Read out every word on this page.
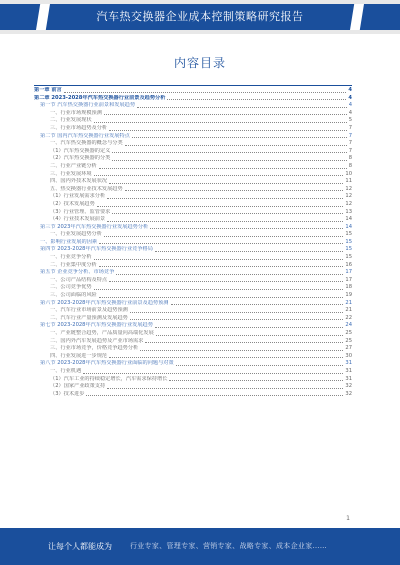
汽车热交换器企业成本控制策略研究报告
内容目录
第一章 前言	4
第二章 2023-2028年汽车热交换器行业前景及趋势分析	4
第一节 汽车热交换器行业前景和发展趋势	4
一、行业市场规模预测	4
二、行业发展现状	5
三、行业市场趋势及分析	7
第二节 国内汽车热交换器行业发展特点	7
一、汽车热交换器的概念与分类	7
（1）汽车热交换器的定义	7
（2）汽车热交换器的分类	8
二、行业产业链分析	8
三、行业发展环境	10
四、国内外技术发展状况	11
五、热交换器行业技术发展趋势	12
（1）行业发展需求分析	12
（2）技术发展趋势	12
（3）行业管理、监管要求	13
（4）行业技术发展前景	14
第三节 2023年汽车热交换器行业发展趋势分析	14
一、行业发展趋势分析	15
一、影响行业发展的因素	15
第四节 2023-2028年汽车热交换器行业竞争格局	15
一、行业竞争分析	15
二、行业集中度分析	16
第五节 企业竞争分析、市场竞争	17
一、公司产品结构及特点	17
二、公司竞争优势	18
三、公司面临的风险	19
第六节 2023-2028年汽车热交换器行业前景及趋势预测	21
一、汽车行业市场前景及趋势预测	21
二、汽车行业产量预测及发展趋势	22
第七节 2023-2028年汽车热交换器行业发展趋势	24
一、产业链整合趋势，产品质量向高端化发展	25
二、国内外汽车发展趋势及产业市场需求	25
三、行业市场竞争，价格竞争趋势分析	27
四、行业发展进一步规范	30
第八节 2023-2028年汽车热交换器行业面临的问题与对策	31
一、行业机遇	31
（1）汽车工业的持续稳定增长，汽车需求保持增长	31
（2）国家产业政策支持	32
（3）技术进步	32
1
让每个人都能成为	行业专家、管理专家、营销专家、战略专家、成本企业家……
